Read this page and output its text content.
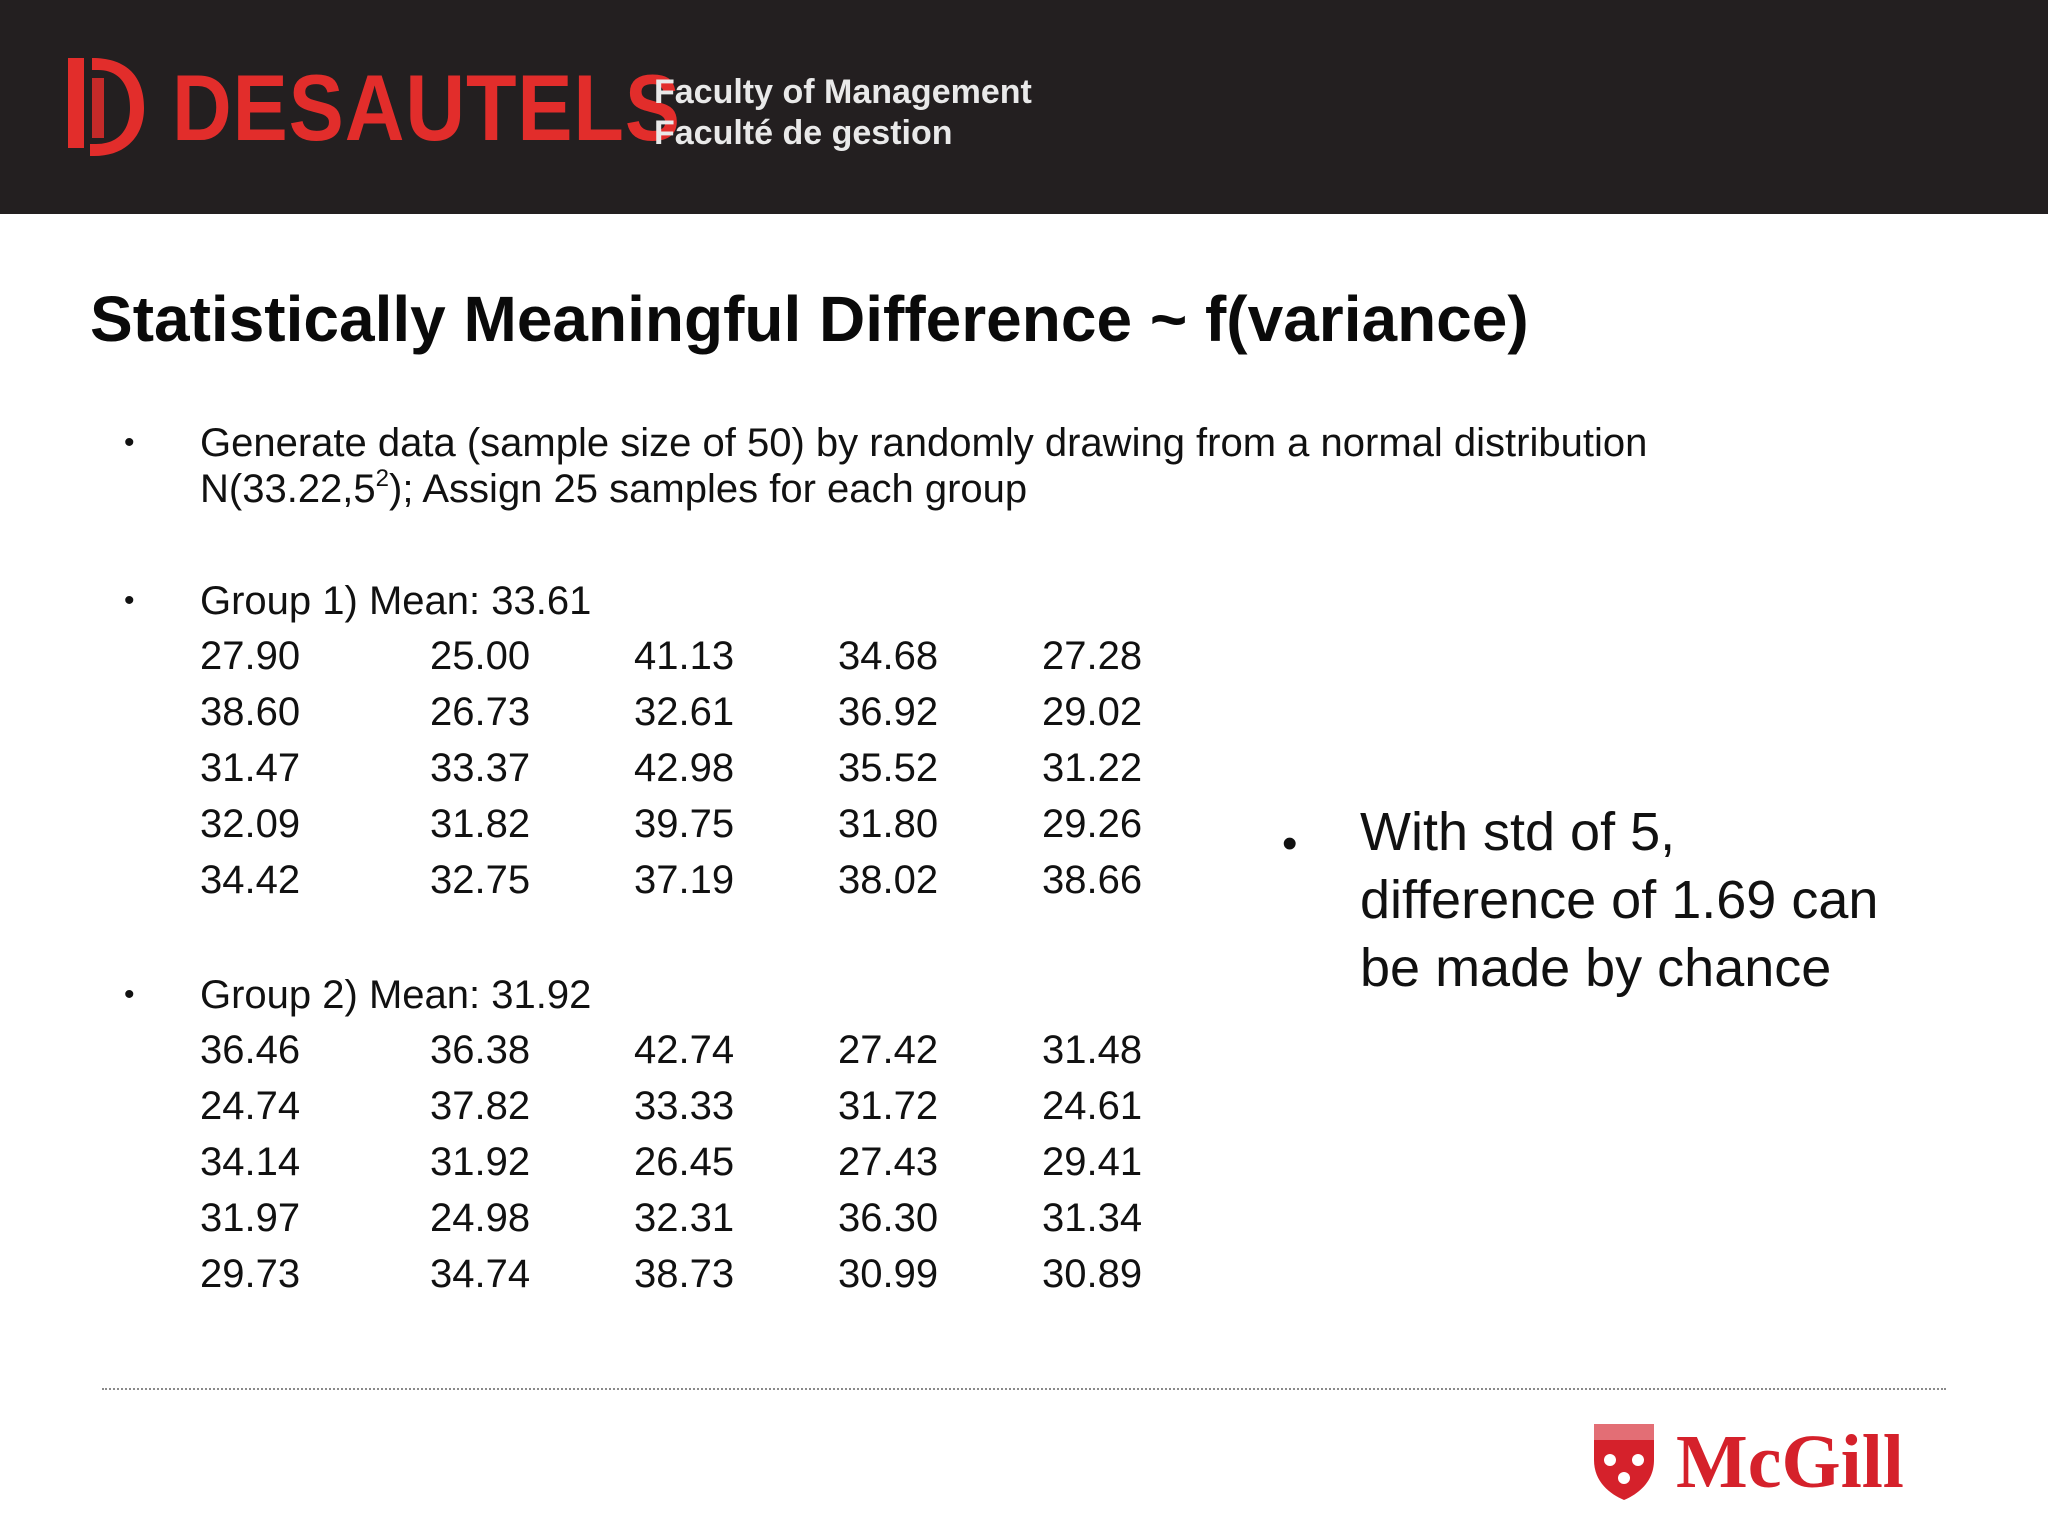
DESAUTELS
Faculty of Management
Faculté de gestion
Statistically Meaningful Difference ~ f(variance)
• Generate data (sample size of 50) by randomly drawing from a normal distribution
N(33.22,5$^2$); Assign 25 samples for each group
• Group 1) Mean: 33.61
27.90	25.00	41.13	34.68	27.28
38.60	26.73	32.61	36.92	29.02
31.47	33.37	42.98	35.52	31.22
32.09	31.82	39.75	31.80	29.26
34.42	32.75	37.19	38.02	38.66
• Group 2) Mean: 31.92
36.46	36.38	42.74	27.42	31.48
24.74	37.82	33.33	31.72	24.61
34.14	31.92	26.45	27.43	29.41
31.97	24.98	32.31	36.30	31.34
29.73	34.74	38.73	30.99	30.89
• With std of 5,
difference of 1.69 can
be made by chance
McGill
